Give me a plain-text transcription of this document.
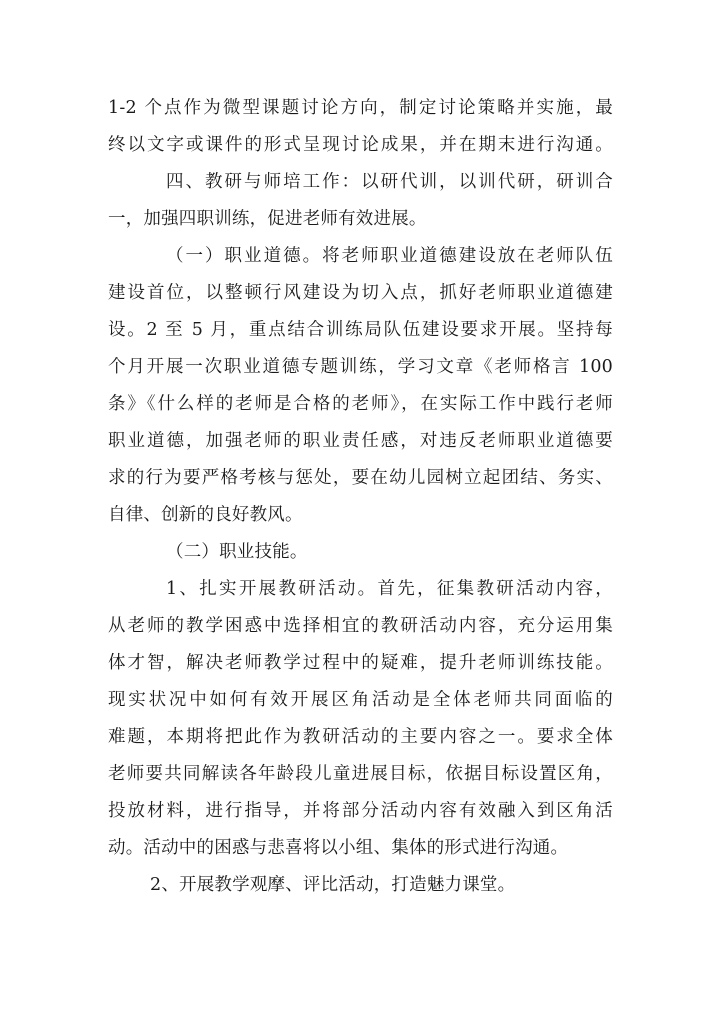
1-2 个点作为微型课题讨论方向，制定讨论策略并实施，最
终以文字或课件的形式呈现讨论成果，并在期末进行沟通。
四、教研与师培工作：以研代训，以训代研，研训合
一，加强四职训练，促进老师有效进展。
（一）职业道德。将老师职业道德建设放在老师队伍
建设首位，以整顿行风建设为切入点，抓好老师职业道德建
设。2 至 5 月，重点结合训练局队伍建设要求开展。坚持每
个月开展一次职业道德专题训练，学习文章《老师格言 100
条》《什么样的老师是合格的老师》，在实际工作中践行老师
职业道德，加强老师的职业责任感，对违反老师职业道德要
求的行为要严格考核与惩处，要在幼儿园树立起团结、务实、
自律、创新的良好教风。
（二）职业技能。
1、扎实开展教研活动。首先，征集教研活动内容，
从老师的教学困惑中选择相宜的教研活动内容，充分运用集
体才智，解决老师教学过程中的疑难，提升老师训练技能。
现实状况中如何有效开展区角活动是全体老师共同面临的
难题，本期将把此作为教研活动的主要内容之一。要求全体
老师要共同解读各年龄段儿童进展目标，依据目标设置区角，
投放材料，进行指导，并将部分活动内容有效融入到区角活
动。活动中的困惑与悲喜将以小组、集体的形式进行沟通。
2、开展教学观摩、评比活动，打造魅力课堂。
